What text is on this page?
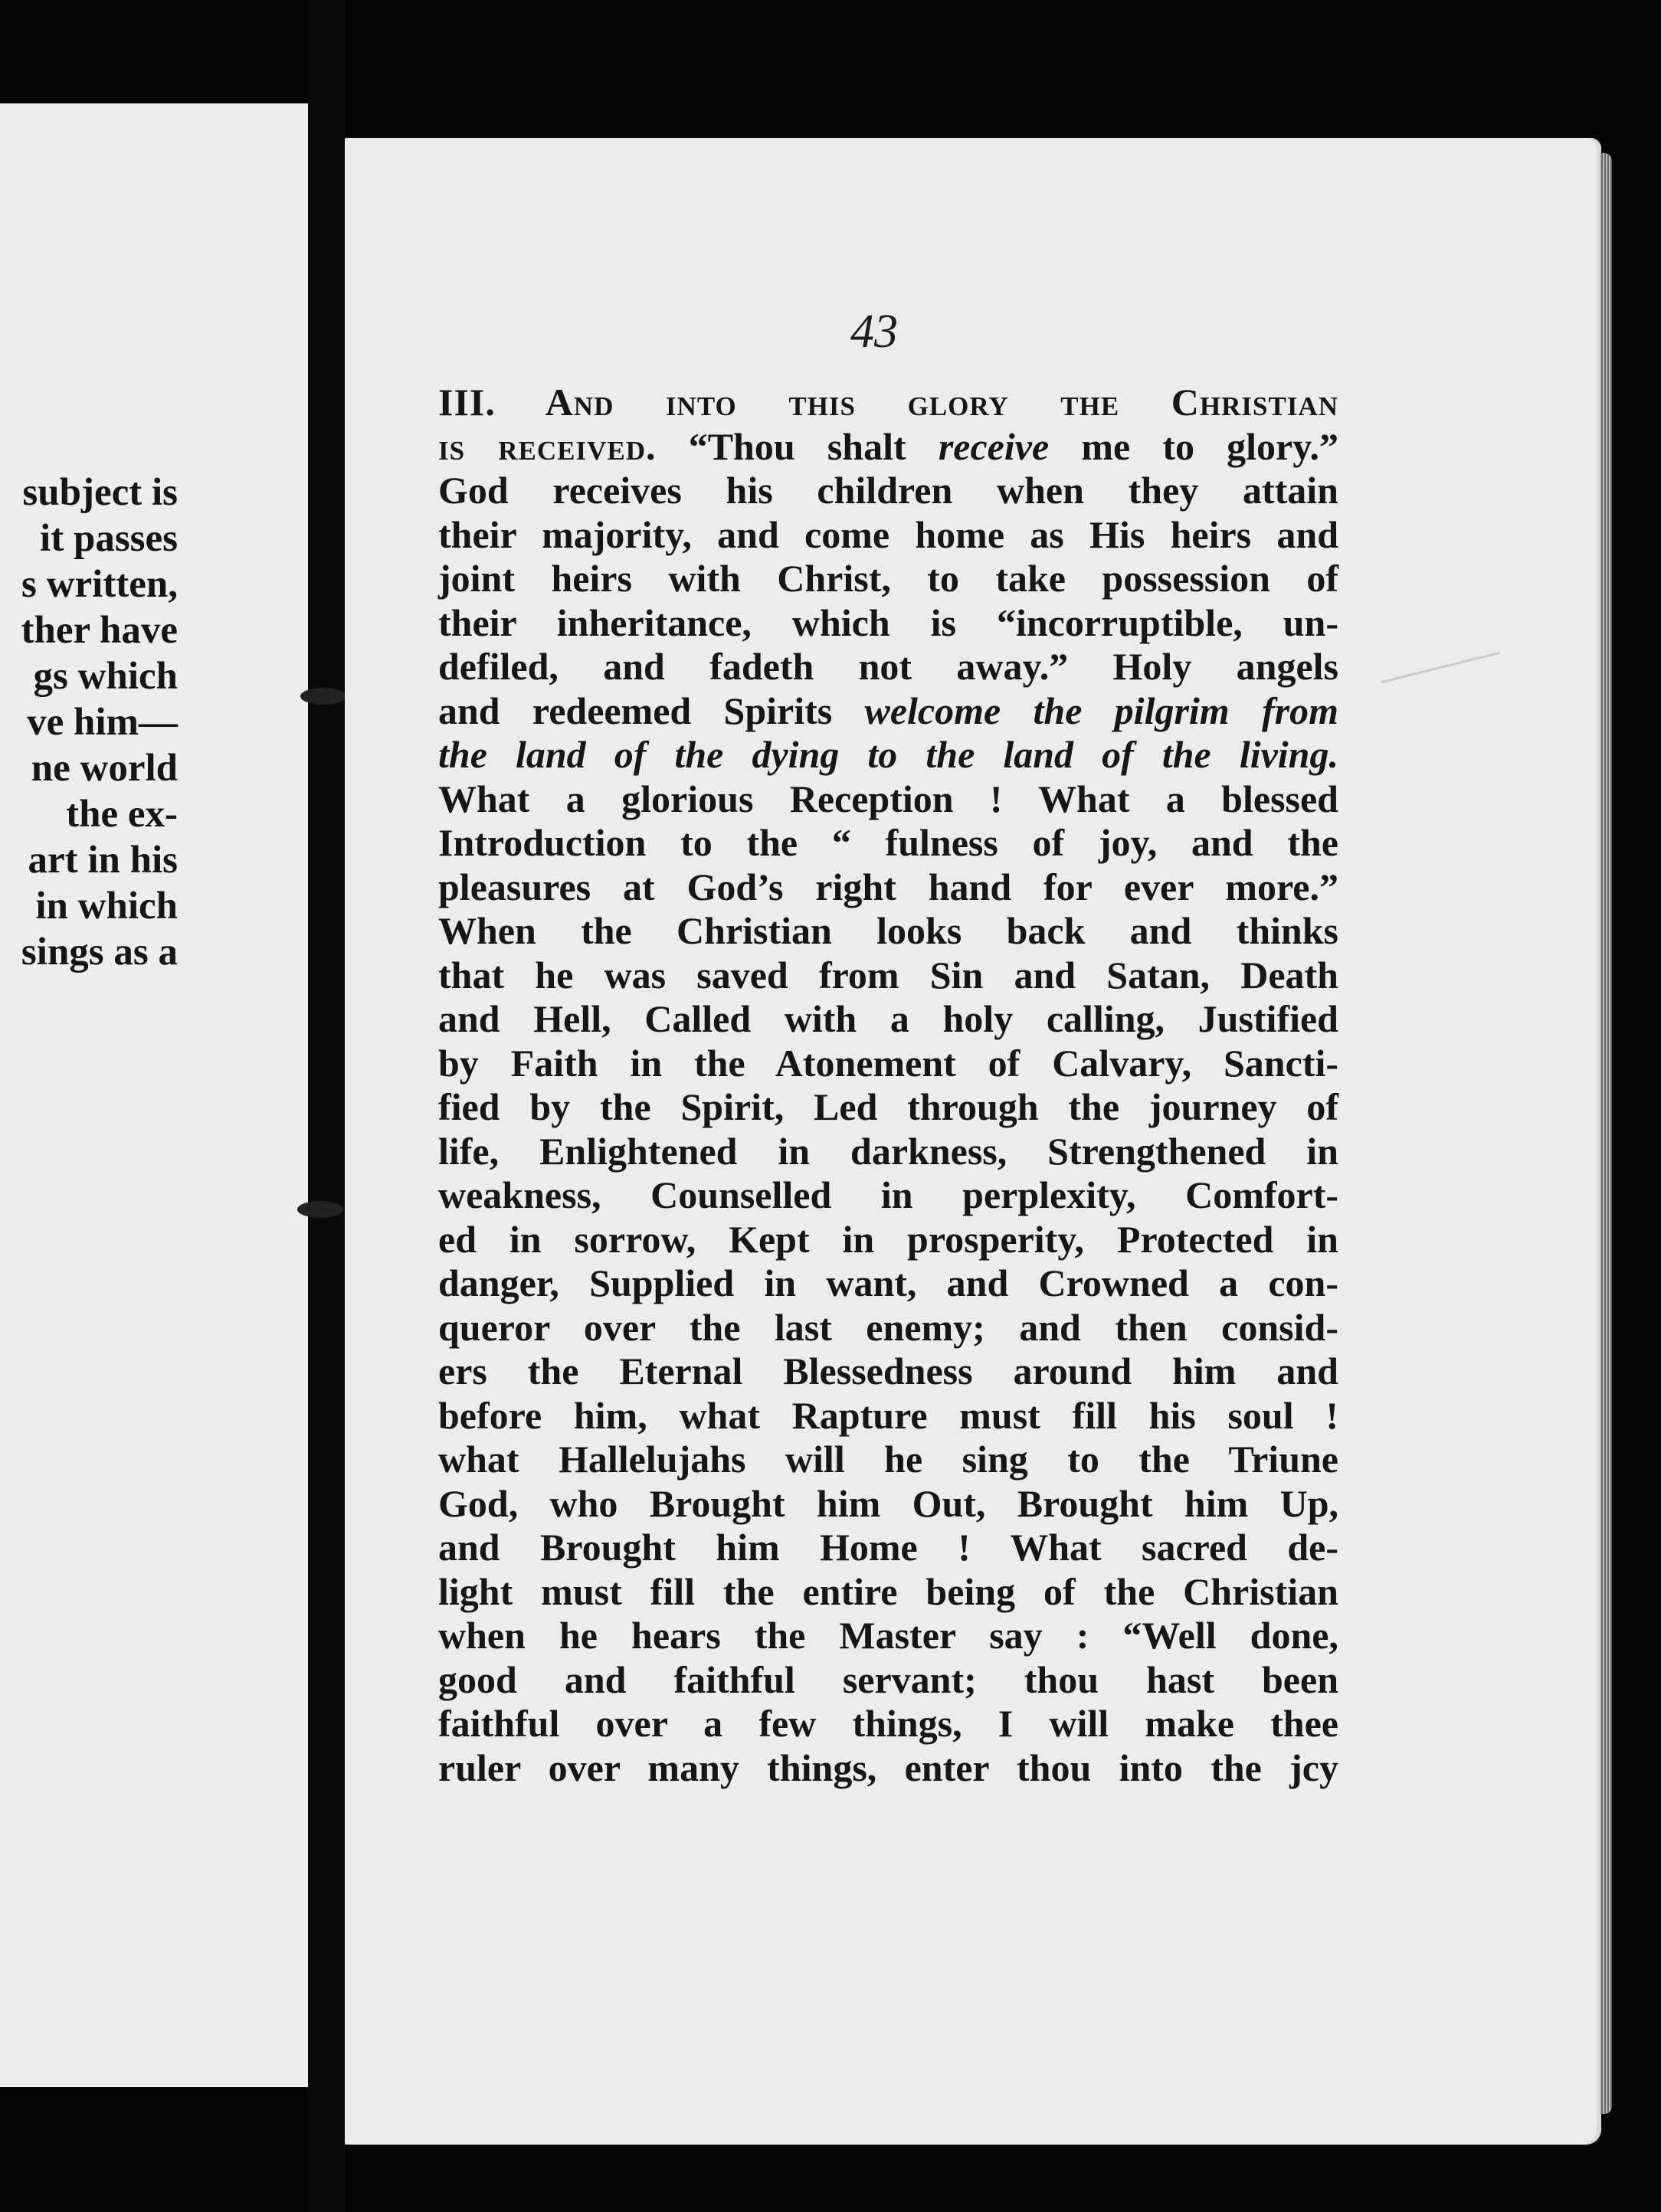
subject is
it passes
s written,
ther have
gs which
ve him—
ne world
the ex-
art in his
in which
sings as a
43
III. And into this glory the Christian
is received. “Thou shalt receive me to glory.”
God receives his children when they attain
their majority, and come home as His heirs and
joint heirs with Christ, to take possession of
their inheritance, which is “incorruptible, un-
defiled, and fadeth not away.” Holy angels
and redeemed Spirits welcome the pilgrim from
the land of the dying to the land of the living.
What a glorious Reception ! What a blessed
Introduction to the “ fulness of joy, and the
pleasures at God’s right hand for ever more.”
When the Christian looks back and thinks
that he was saved from Sin and Satan, Death
and Hell, Called with a holy calling, Justified
by Faith in the Atonement of Calvary, Sancti-
fied by the Spirit, Led through the journey of
life, Enlightened in darkness, Strengthened in
weakness, Counselled in perplexity, Comfort-
ed in sorrow, Kept in prosperity, Protected in
danger, Supplied in want, and Crowned a con-
queror over the last enemy; and then consid-
ers the Eternal Blessedness around him and
before him, what Rapture must fill his soul !
what Hallelujahs will he sing to the Triune
God, who Brought him Out, Brought him Up,
and Brought him Home ! What sacred de-
light must fill the entire being of the Christian
when he hears the Master say : “Well done,
good and faithful servant; thou hast been
faithful over a few things, I will make thee
ruler over many things, enter thou into the jcy
